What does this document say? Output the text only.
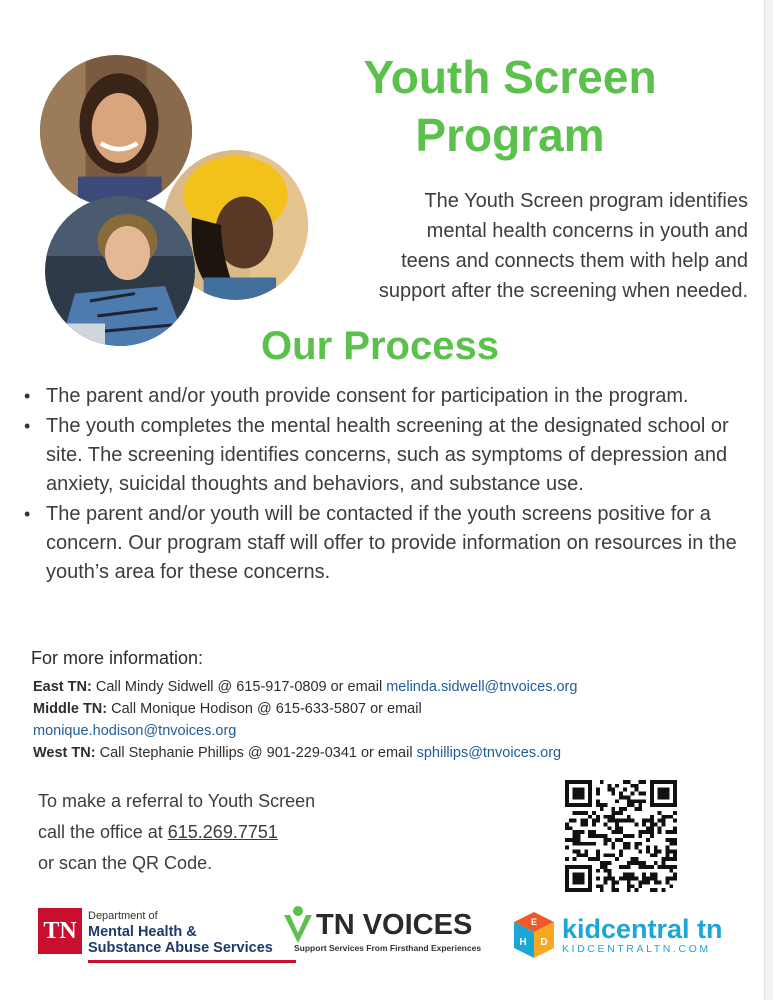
Youth Screen
Program
The Youth Screen program identifies
mental health concerns in youth and
teens and connects them with help and
support after the screening when needed.
Our Process
• The parent and/or youth provide consent for participation in the program.
• The youth completes the mental health screening at the designated school or site. The screening identifies concerns, such as symptoms of depression and anxiety, suicidal thoughts and behaviors, and substance use.
• The parent and/or youth will be contacted if the youth screens positive for a concern. Our program staff will offer to provide information on resources in the youth’s area for these concerns.
For more information:
East TN: Call Mindy Sidwell @ 615-917-0809 or email melinda.sidwell@tnvoices.org
Middle TN: Call Monique Hodison @ 615-633-5807 or email
monique.hodison@tnvoices.org
West TN: Call Stephanie Phillips @ 901-229-0341 or email sphillips@tnvoices.org
To make a referral to Youth Screen
call the office at 615.269.7751
or scan the QR Code.
TN
Department of
Mental Health &
Substance Abuse Services
TN VOICES
Support Services From Firsthand Experiences
E
H D kidcentral tn
KIDCENTRALTN.COM
